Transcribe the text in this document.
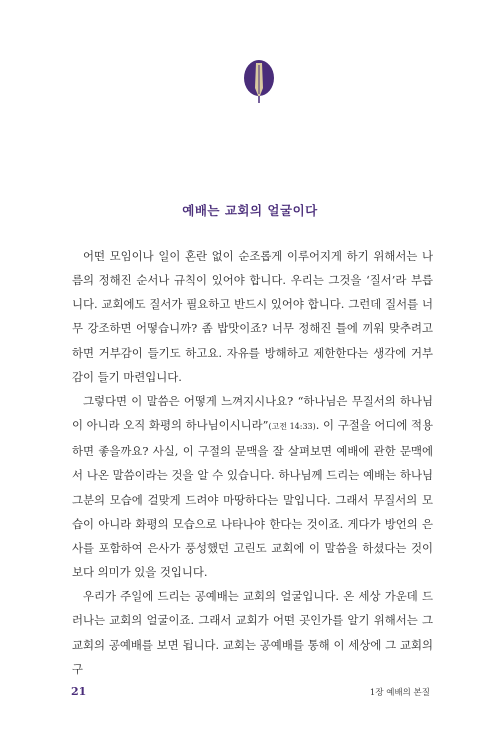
예배는 교회의 얼굴이다

어떤 모임이나 일이 혼란 없이 순조롭게 이루어지게 하기 위해서는 나름의 정해진 순서나 규칙이 있어야 합니다. 우리는 그것을 ‘질서’라 부릅니다. 교회에도 질서가 필요하고 반드시 있어야 합니다. 그런데 질서를 너무 강조하면 어떻습니까? 좀 밥맛이죠? 너무 정해진 틀에 끼워 맞추려고 하면 거부감이 들기도 하고요. 자유를 방해하고 제한한다는 생각에 거부감이 들기 마련입니다.

그렇다면 이 말씀은 어떻게 느껴지시나요? “하나님은 무질서의 하나님이 아니라 오직 화평의 하나님이시니라”(고전 14:33). 이 구절을 어디에 적용하면 좋을까요? 사실, 이 구절의 문맥을 잘 살펴보면 예배에 관한 문맥에서 나온 말씀이라는 것을 알 수 있습니다. 하나님께 드리는 예배는 하나님 그분의 모습에 걸맞게 드려야 마땅하다는 말입니다. 그래서 무질서의 모습이 아니라 화평의 모습으로 나타나야 한다는 것이죠. 게다가 방언의 은사를 포함하여 은사가 풍성했던 고린도 교회에 이 말씀을 하셨다는 것이 보다 의미가 있을 것입니다.

우리가 주일에 드리는 공예배는 교회의 얼굴입니다. 온 세상 가운데 드러나는 교회의 얼굴이죠. 그래서 교회가 어떤 곳인가를 알기 위해서는 그 교회의 공예배를 보면 됩니다. 교회는 공예배를 통해 이 세상에 그 교회의 구

21	1장 예배의 본질
